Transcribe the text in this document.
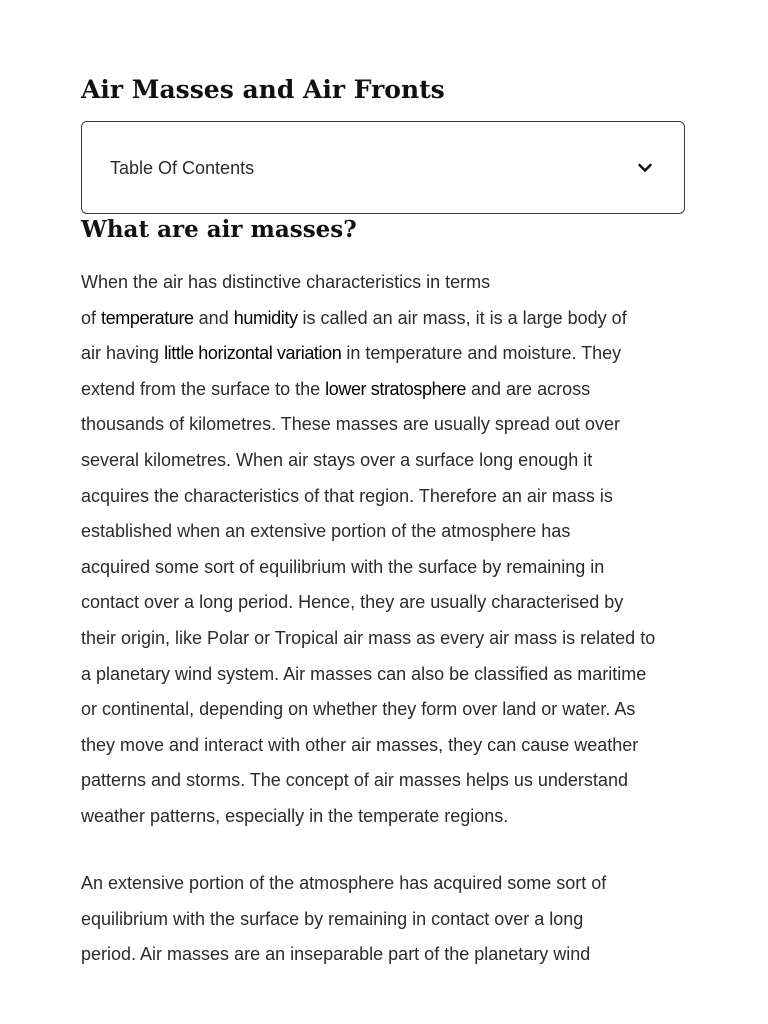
Air Masses and Air Fronts
Table Of Contents
What are air masses?

When the air has distinctive characteristics in terms
of temperature and humidity is called an air mass, it is a large body of
air having little horizontal variation in temperature and moisture. They
extend from the surface to the lower stratosphere and are across
thousands of kilometres. These masses are usually spread out over
several kilometres. When air stays over a surface long enough it
acquires the characteristics of that region. Therefore an air mass is
established when an extensive portion of the atmosphere has
acquired some sort of equilibrium with the surface by remaining in
contact over a long period. Hence, they are usually characterised by
their origin, like Polar or Tropical air mass as every air mass is related to
a planetary wind system. Air masses can also be classified as maritime
or continental, depending on whether they form over land or water. As
they move and interact with other air masses, they can cause weather
patterns and storms. The concept of air masses helps us understand
weather patterns, especially in the temperate regions.

An extensive portion of the atmosphere has acquired some sort of
equilibrium with the surface by remaining in contact over a long
period. Air masses are an inseparable part of the planetary wind
